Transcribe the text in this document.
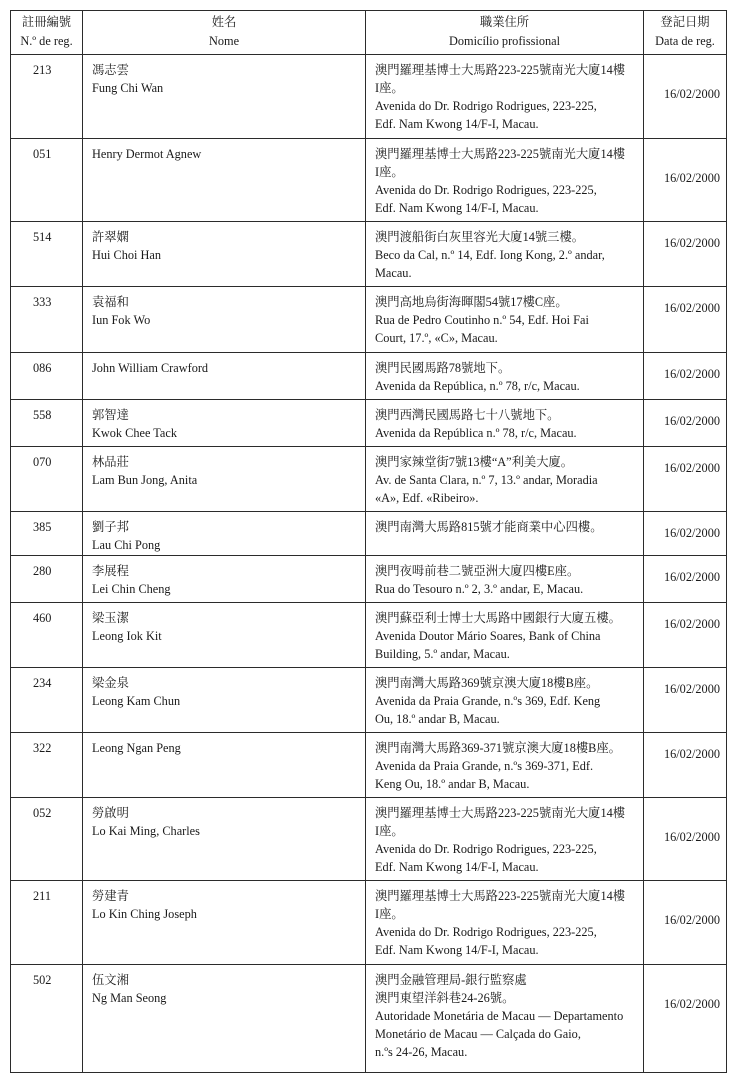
註冊編號
N.º de reg.	姓名
Nome	職業住所
Domicílio profissional	登記日期
Data de reg.

213	馮志雲
Fung Chi Wan	澳門羅理基博士大馬路223-225號南光大廈14樓
I座。
Avenida do Dr. Rodrigo Rodrigues, 223-225,
Edf. Nam Kwong 14/F-I, Macau.	16/02/2000
051	Henry Dermot Agnew	澳門羅理基博士大馬路223-225號南光大廈14樓
I座。
Avenida do Dr. Rodrigo Rodrigues, 223-225,
Edf. Nam Kwong 14/F-I, Macau.	16/02/2000
514	許翠嫻
Hui Choi Han	澳門渡船街白灰里容光大廈14號三樓。
Beco da Cal, n.º 14, Edf. Iong Kong, 2.º andar,
Macau.	16/02/2000
333	袁福和
Iun Fok Wo	澳門高地烏街海暉閣54號17樓C座。
Rua de Pedro Coutinho n.º 54, Edf. Hoi Fai
Court, 17.º, «C», Macau.	16/02/2000
086	John William Crawford	澳門民國馬路78號地下。
Avenida da República, n.º 78, r/c, Macau.	16/02/2000
558	郭智達
Kwok Chee Tack	澳門西灣民國馬路七十八號地下。
Avenida da República n.º 78, r/c, Macau.	16/02/2000
070	林品莊
Lam Bun Jong, Anita	澳門家辣堂街7號13樓“A”利美大廈。
Av. de Santa Clara, n.º 7, 13.º andar, Moradia
«A», Edf. «Ribeiro».	16/02/2000
385	劉子邦
Lau Chi Pong	澳門南灣大馬路815號才能商業中心四樓。	16/02/2000
280	李展程
Lei Chin Cheng	澳門夜呣前巷二號亞洲大廈四樓E座。
Rua do Tesouro n.º 2, 3.º andar, E, Macau.	16/02/2000
460	梁玉潔
Leong Iok Kit	澳門蘇亞利士博士大馬路中國銀行大廈五樓。
Avenida Doutor Mário Soares, Bank of China
Building, 5.º andar, Macau.	16/02/2000
234	梁金泉
Leong Kam Chun	澳門南灣大馬路369號京澳大廈18樓B座。
Avenida da Praia Grande, n.ºs 369, Edf. Keng
Ou, 18.º andar B, Macau.	16/02/2000
322	Leong Ngan Peng	澳門南灣大馬路369-371號京澳大廈18樓B座。
Avenida da Praia Grande, n.ºs 369-371, Edf.
Keng Ou, 18.º andar B, Macau.	16/02/2000
052	勞啟明
Lo Kai Ming, Charles	澳門羅理基博士大馬路223-225號南光大廈14樓
I座。
Avenida do Dr. Rodrigo Rodrigues, 223-225,
Edf. Nam Kwong 14/F-I, Macau.	16/02/2000
211	勞建青
Lo Kin Ching Joseph	澳門羅理基博士大馬路223-225號南光大廈14樓
I座。
Avenida do Dr. Rodrigo Rodrigues, 223-225,
Edf. Nam Kwong 14/F-I, Macau.	16/02/2000
502	伍文湘
Ng Man Seong	澳門金融管理局-銀行監察處
澳門東望洋斜巷24-26號。
Autoridade Monetária de Macau — Departamento
Monetário de Macau — Calçada do Gaio,
n.ºs 24-26, Macau.	16/02/2000
